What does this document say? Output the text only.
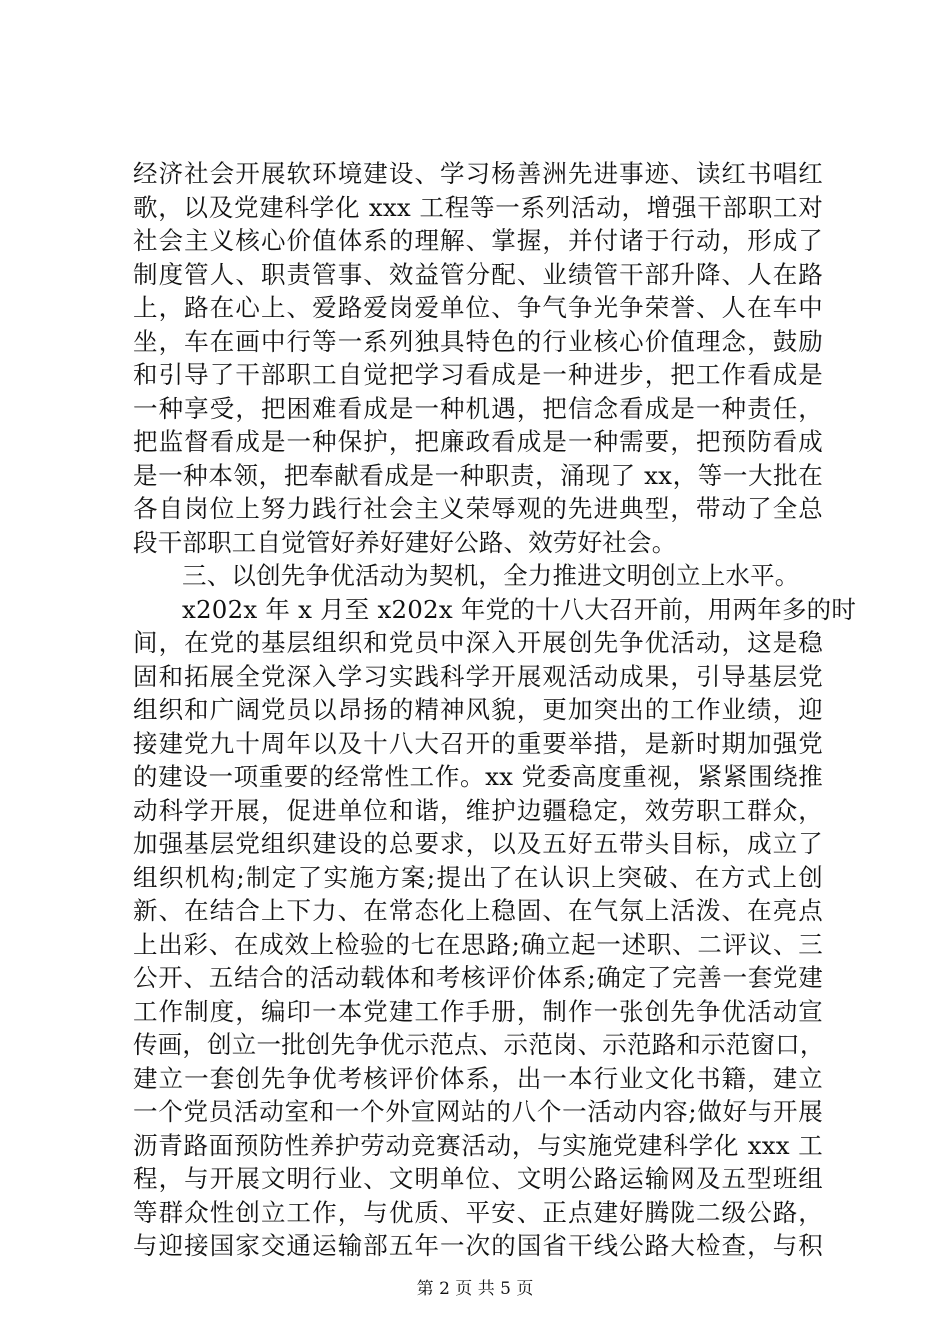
经济社会开展软环境建设、学习杨善洲先进事迹、读红书唱红
歌，以及党建科学化 xxx 工程等一系列活动，增强干部职工对
社会主义核心价值体系的理解、掌握，并付诸于行动，形成了
制度管人、职责管事、效益管分配、业绩管干部升降、人在路
上，路在心上、爱路爱岗爱单位、争气争光争荣誉、人在车中
坐，车在画中行等一系列独具特色的行业核心价值理念，鼓励
和引导了干部职工自觉把学习看成是一种进步，把工作看成是
一种享受，把困难看成是一种机遇，把信念看成是一种责任，
把监督看成是一种保护，把廉政看成是一种需要，把预防看成
是一种本领，把奉献看成是一种职责，涌现了 xx，等一大批在
各自岗位上努力践行社会主义荣辱观的先进典型，带动了全总
段干部职工自觉管好养好建好公路、效劳好社会。
三、以创先争优活动为契机，全力推进文明创立上水平。
x202x 年 x 月至 x202x 年党的十八大召开前，用两年多的时
间，在党的基层组织和党员中深入开展创先争优活动，这是稳
固和拓展全党深入学习实践科学开展观活动成果，引导基层党
组织和广阔党员以昂扬的精神风貌，更加突出的工作业绩，迎
接建党九十周年以及十八大召开的重要举措，是新时期加强党
的建设一项重要的经常性工作。xx 党委高度重视，紧紧围绕推
动科学开展，促进单位和谐，维护边疆稳定，效劳职工群众，
加强基层党组织建设的总要求，以及五好五带头目标，成立了
组织机构;制定了实施方案;提出了在认识上突破、在方式上创
新、在结合上下力、在常态化上稳固、在气氛上活泼、在亮点
上出彩、在成效上检验的七在思路;确立起一述职、二评议、三
公开、五结合的活动载体和考核评价体系;确定了完善一套党建
工作制度，编印一本党建工作手册，制作一张创先争优活动宣
传画，创立一批创先争优示范点、示范岗、示范路和示范窗口，
建立一套创先争优考核评价体系，出一本行业文化书籍，建立
一个党员活动室和一个外宣网站的八个一活动内容;做好与开展
沥青路面预防性养护劳动竞赛活动，与实施党建科学化 xxx 工
程，与开展文明行业、文明单位、文明公路运输网及五型班组
等群众性创立工作，与优质、平安、正点建好腾陇二级公路，
与迎接国家交通运输部五年一次的国省干线公路大检查，与积
第 2 页 共 5 页
